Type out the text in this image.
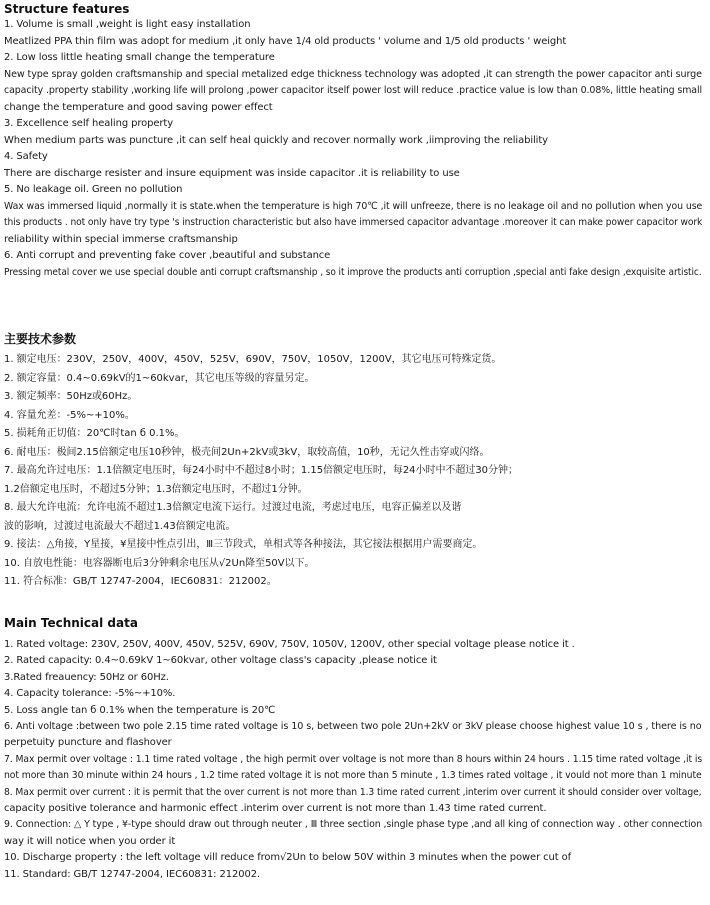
Structure features
1. Volume is small ,weight is light easy installation
Meatlized PPA thin film was adopt for medium ,it only have 1/4 old products ' volume and 1/5 old products ' weight
2. Low loss little heating small change the temperature
New type spray golden craftsmanship and special metalized edge thickness technology was adopted ,it can strength the power capacitor anti surge
capacity .property stability ,working life will prolong ,power capacitor itself power lost will reduce .practice value is low than 0.08%, little heating small
change the temperature and good saving power effect
3. Excellence self healing property
When medium parts was puncture ,it can self heal quickly and recover normally work ,iimproving the reliability
4. Safety
There are discharge resister and insure equipment was inside capacitor .it is reliability to use
5. No leakage oil. Green no pollution
Wax was immersed liquid ,normally it is state.when the temperature is high 70℃ ,it will unfreeze, there is no leakage oil and no pollution when you use
this products . not only have try type 's instruction characteristic but also have immersed capacitor advantage .moreover it can make power capacitor work
reliability within special immerse craftsmanship
6. Anti corrupt and preventing fake cover ,beautiful and substance
Pressing metal cover we use special double anti corrupt craftsmanship , so it improve the products anti corruption ,special anti fake design ,exquisite artistic.
主要技术参数
1. 额定电压：230V，250V，400V，450V，525V，690V，750V，1050V，1200V，其它电压可特殊定货。
2. 额定容量：0.4~0.69kV的1~60kvar，其它电压等级的容量另定。
3. 额定频率：50Hz或60Hz。
4. 容量允差：-5%~+10%。
5. 损耗角正切值：20℃时tan б 0.1%。
6. 耐电压：极间2.15倍额定电压10秒钟，极壳间2Un+2kV或3kV，取较高值，10秒，无记久性击穿或闪络。
7. 最高允许过电压：1.1倍额定电压时，每24小时中不超过8小时；1.15倍额定电压时，每24小时中不超过30分钟；
1.2倍额定电压时，不超过5分钟；1.3倍额定电压时，不超过1分钟。
8. 最大允许电流：允许电流不超过1.3倍额定电流下运行。过渡过电流，考虑过电压，电容正偏差以及谐
波的影响，过渡过电流最大不超过1.43倍额定电流。
9. 接法：△角接，Y星接，¥星接中性点引出，Ⅲ三节段式，单相式等各种接法，其它接法根据用户需要商定。
10. 自放电性能：电容器断电后3分钟剩余电压从√2Un降至50V以下。
11. 符合标准：GB/T 12747-2004，IEC60831：212002。
Main Technical data
1. Rated voltage: 230V, 250V, 400V, 450V, 525V, 690V, 750V, 1050V, 1200V, other special voltage please notice it .
2. Rated capacity: 0.4~0.69kV 1~60kvar, other voltage class's capacity ,please notice it
3.Rated freauency: 50Hz or 60Hz.
4. Capacity tolerance: -5%~+10%.
5. Loss angle tan б 0.1% when the temperature is 20℃
6. Anti voltage :between two pole 2.15 time rated voltage is 10 s, between two pole 2Un+2kV or 3kV please choose highest value 10 s , there is no
perpetuity puncture and flashover
7. Max permit over voltage : 1.1 time rated voltage , the high permit over voltage is not more than 8 hours within 24 hours . 1.15 time rated voltage ,it is
not more than 30 minute within 24 hours , 1.2 time rated voltage it is not more than 5 minute , 1.3 times rated voltage , it vould not more than 1 minute
8. Max permit over current : it is permit that the over current is not more than 1.3 time rated current ,interim over current it should consider over voltage,
capacity positive tolerance and harmonic effect .interim over current is not more than 1.43 time rated current.
9. Connection: △ Y type , ¥-type should draw out through neuter , Ⅲ three section ,single phase type ,and all king of connection way . other connection
way it will notice when you order it
10. Discharge property : the left voltage vill reduce from√2Un to below 50V within 3 minutes when the power cut of
11. Standard: GB/T 12747-2004, IEC60831: 212002.
